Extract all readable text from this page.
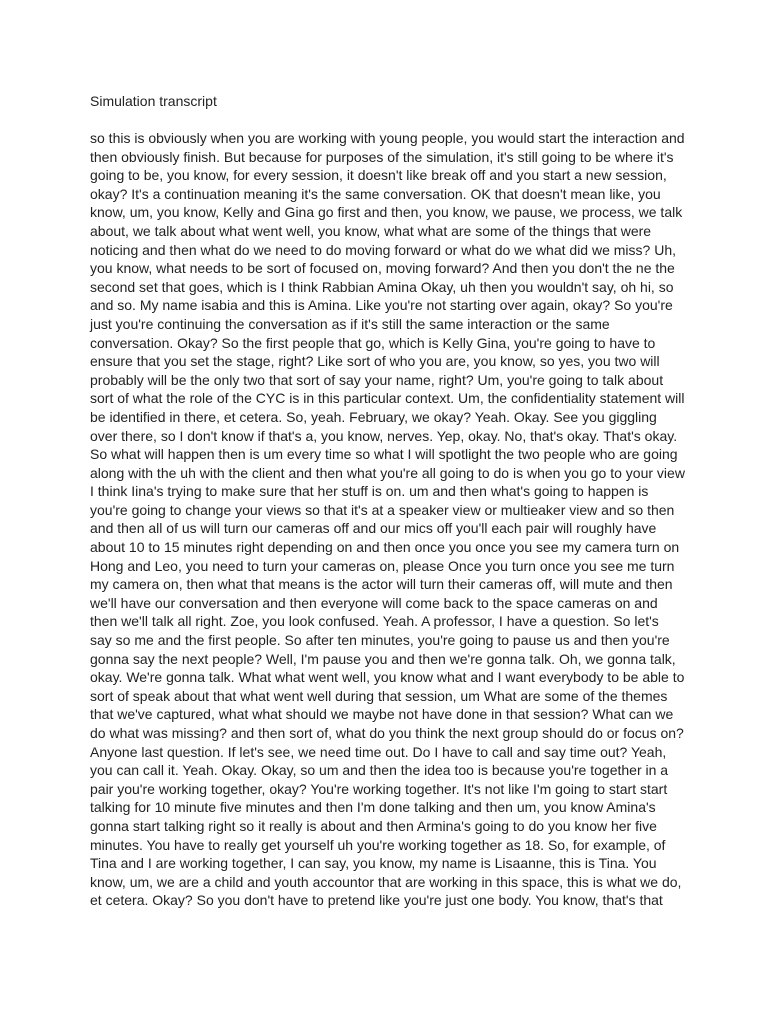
Simulation transcript
so this is obviously when you are working with young people, you would start the interaction and
then obviously finish. But because for purposes of the simulation, it's still going to be where it's
going to be, you know, for every session, it doesn't like break off and you start a new session,
okay? It's a continuation meaning it's the same conversation. OK that doesn't mean like, you
know, um, you know, Kelly and Gina go first and then, you know, we pause, we process, we talk
about, we talk about what went well, you know, what what are some of the things that were
noticing and then what do we need to do moving forward or what do we what did we miss? Uh,
you know, what needs to be sort of focused on, moving forward? And then you don't the ne the
second set that goes, which is I think Rabbian Amina Okay, uh then you wouldn't say, oh hi, so
and so. My name isabia and this is Amina. Like you're not starting over again, okay? So you're
just you're continuing the conversation as if it's still the same interaction or the same
conversation. Okay? So the first people that go, which is Kelly Gina, you're going to have to
ensure that you set the stage, right? Like sort of who you are, you know, so yes, you two will
probably will be the only two that sort of say your name, right? Um, you're going to talk about
sort of what the role of the CYC is in this particular context. Um, the confidentiality statement will
be identified in there, et cetera. So, yeah. February, we okay? Yeah. Okay. See you giggling
over there, so I don't know if that's a, you know, nerves. Yep, okay. No, that's okay. That's okay.
So what will happen then is um every time so what I will spotlight the two people who are going
along with the uh with the client and then what you're all going to do is when you go to your view
I think Iina's trying to make sure that her stuff is on. um and then what's going to happen is
you're going to change your views so that it's at a speaker view or multieaker view and so then
and then all of us will turn our cameras off and our mics off you'll each pair will roughly have
about 10 to 15 minutes right depending on and then once you once you see my camera turn on
Hong and Leo, you need to turn your cameras on, please Once you turn once you see me turn
my camera on, then what that means is the actor will turn their cameras off, will mute and then
we'll have our conversation and then everyone will come back to the space cameras on and
then we'll talk all right. Zoe, you look confused. Yeah. A professor, I have a question. So let's
say so me and the first people. So after ten minutes, you're going to pause us and then you're
gonna say the next people? Well, I'm pause you and then we're gonna talk. Oh, we gonna talk,
okay. We're gonna talk. What what went well, you know what and I want everybody to be able to
sort of speak about that what went well during that session, um What are some of the themes
that we've captured, what what should we maybe not have done in that session? What can we
do what was missing? and then sort of, what do you think the next group should do or focus on?
Anyone last question. If let's see, we need time out. Do I have to call and say time out? Yeah,
you can call it. Yeah. Okay. Okay, so um and then the idea too is because you're together in a
pair you're working together, okay? You're working together. It's not like I'm going to start start
talking for 10 minute five minutes and then I'm done talking and then um, you know Amina's
gonna start talking right so it really is about and then Armina's going to do you know her five
minutes. You have to really get yourself uh you're working together as 18. So, for example, of
Tina and I are working together, I can say, you know, my name is Lisaanne, this is Tina. You
know, um, we are a child and youth accountor that are working in this space, this is what we do,
et cetera. Okay? So you don't have to pretend like you're just one body. You know, that's that
